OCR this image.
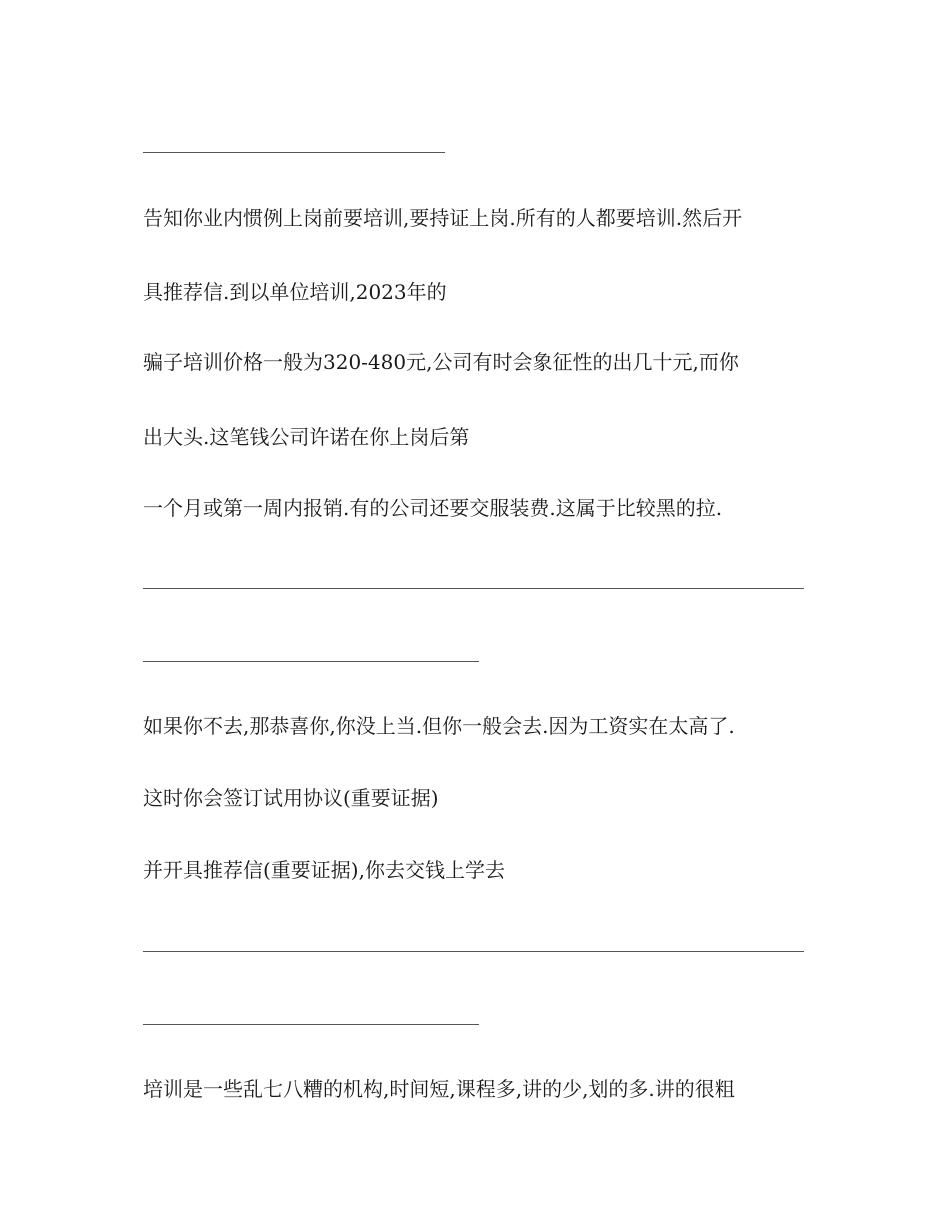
告知你业内惯例上岗前要培训,要持证上岗.所有的人都要培训.然后开
具推荐信.到以单位培训,2023年的
骗子培训价格一般为320-480元,公司有时会象征性的出几十元,而你
出大头.这笔钱公司许诺在你上岗后第
一个月或第一周内报销.有的公司还要交服装费.这属于比较黑的拉.
如果你不去,那恭喜你,你没上当.但你一般会去.因为工资实在太高了.
这时你会签订试用协议(重要证据)
并开具推荐信(重要证据),你去交钱上学去
培训是一些乱七八糟的机构,时间短,课程多,讲的少,划的多.讲的很粗
